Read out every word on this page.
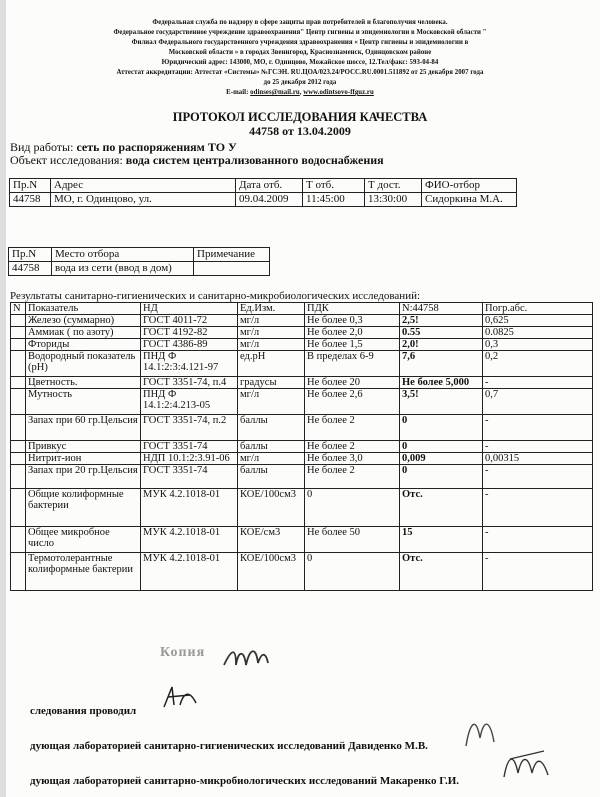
Федеральная служба по надзору в сфере защиты прав потребителей и благополучия человека.
Федеральное государственное учреждение здравоохранения" Центр гигиены и эпидемиологии в Московской области "
Филиал Федерального государственного учреждения здравоохранения « Центр гигиены и эпидемиологии в
Московской области » в городах Звенигород, Краснознаменск, Одинцовском районе
Юридический адрес: 143000, МО, г. Одинцово, Можайское шоссе, 12.Тел/факс: 593-04-84
Аттестат аккредитации: Аттестат «Системы» №ГСЭН. RU.ЦОА/023.24/РОСС.RU.0001.511892 от 25 декабря 2007 года
до 25 декабря 2012 года
E-mail: odinses@mail.ru, www.odintsovo-ffguz.ru
ПРОТОКОЛ ИССЛЕДОВАНИЯ КАЧЕСТВА
44758 от 13.04.2009
Вид работы: сеть по распоряжениям ТО У
Объект исследования: вода систем централизованного водоснабжения
Пр.N	Адрес	Дата отб.	Т отб.	Т дост.	ФИО-отбор
44758	МО, г. Одинцово, ул.	09.04.2009	11:45:00	13:30:00	Сидоркина М.А.
Пр.N	Место отбора	Примечание
44758	вода из сети (ввод в дом)	
Результаты санитарно-гигиенических и санитарно-микробиологических исследований:
N	Показатель	НД	Ед.Изм.	ПДК	N:44758	Погр.абс.
	Железо (суммарно)	ГОСТ 4011-72	мг/л	Не более 0,3	2,5!	0,625
	Аммиак ( по азоту)	ГОСТ 4192-82	мг/л	Не более 2,0	0.55	0.0825
	Фториды	ГОСТ 4386-89	мг/л	Не более 1,5	2,0!	0,3
	Водородный показатель (pH)	ПНД Ф 14.1:2:3:4.121-97	ед.pH	В пределах 6-9	7,6	0,2
	Цветность.	ГОСТ 3351-74, п.4	градусы	Не более 20	Не более 5,000	-
	Мутность	ПНД Ф 14.1:2:4.213-05	мг/л	Не более 2,6	3,5!	0,7
	Запах при 60 гр.Цельсия	ГОСТ 3351-74, п.2	баллы	Не более 2	0	-
	Привкус	ГОСТ 3351-74	баллы	Не более 2	0	-
	Нитрит-ион	НДП 10.1:2:3.91-06	мг/л	Не более 3,0	0,009	0,00315
	Запах при 20 гр.Цельсия	ГОСТ 3351-74	баллы	Не более 2	0	-
	Общие колиформные бактерии	МУК 4.2.1018-01	КОЕ/100см3	0	Отс.	-
	Общее микробное число	МУК 4.2.1018-01	КОЕ/см3	Не более 50	15	-
	Термотолерантные колиформные бактерии	МУК 4.2.1018-01	КОЕ/100см3	0	Отс.	-
Копия
следования проводил
дующая лабораторией санитарно-гигиенических исследований Давиденко М.В.
дующая лабораторией санитарно-микробиологических исследований Макаренко Г.И.
